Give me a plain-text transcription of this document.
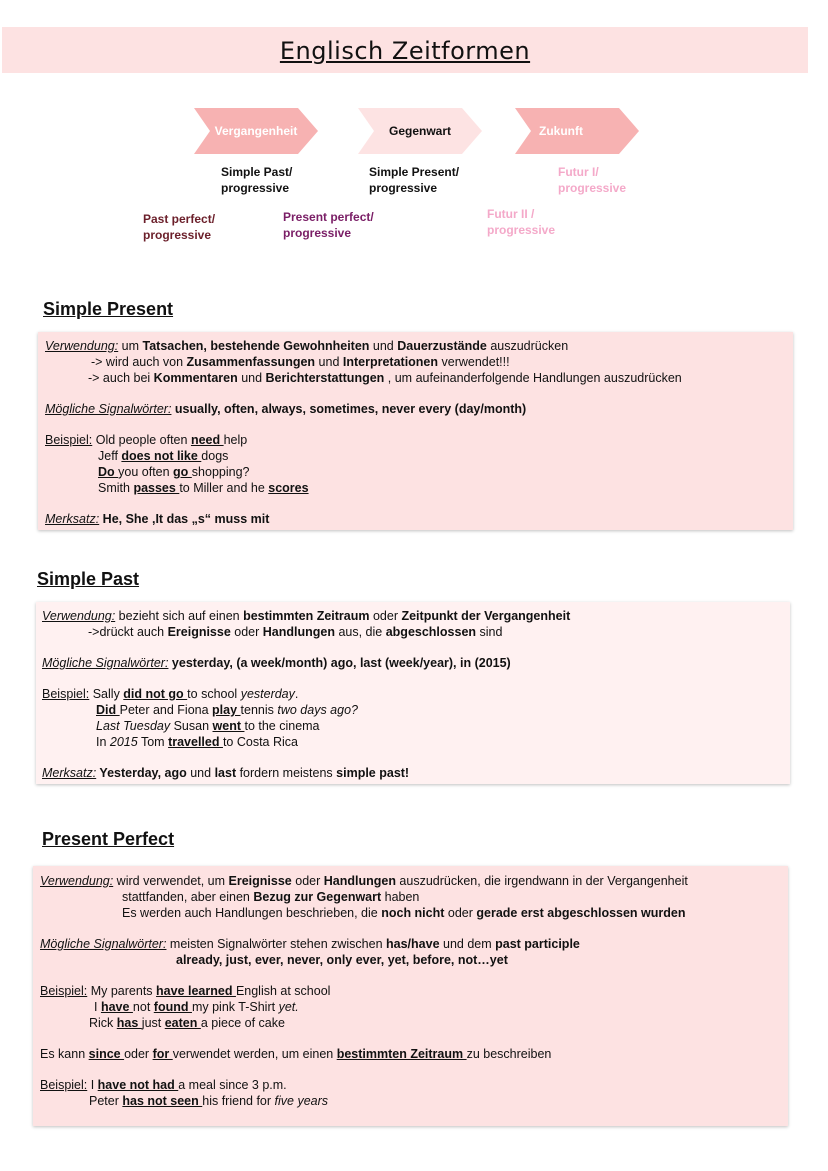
Englisch Zeitformen
Vergangenheit	Gegenwart	Zukunft
Simple Past/
progressive
Simple Present/
progressive
Futur I/
progressive
Past perfect/
progressive
Present perfect/
progressive
Futur II /
progressive
Simple Present
Verwendung: um Tatsachen, bestehende Gewohnheiten und Dauerzustände auszudrücken
-> wird auch von Zusammenfassungen und Interpretationen verwendet!!!
-> auch bei Kommentaren und Berichterstattungen , um aufeinanderfolgende Handlungen auszudrücken
Mögliche Signalwörter: usually, often, always, sometimes, never every (day/month)
Beispiel: Old people often need help
Jeff does not like dogs
Do you often go shopping?
Smith passes to Miller and he scores
Merksatz: He, She ,It das „s“ muss mit
Simple Past
Verwendung: bezieht sich auf einen bestimmten Zeitraum oder Zeitpunkt der Vergangenheit
->drückt auch Ereignisse oder Handlungen aus, die abgeschlossen sind
Mögliche Signalwörter: yesterday, (a week/month) ago, last (week/year), in (2015)
Beispiel: Sally did not go to school yesterday.
Did Peter and Fiona play tennis two days ago?
Last Tuesday Susan went to the cinema
In 2015 Tom travelled to Costa Rica
Merksatz: Yesterday, ago und last fordern meistens simple past!
Present Perfect
Verwendung: wird verwendet, um Ereignisse oder Handlungen auszudrücken, die irgendwann in der Vergangenheit
stattfanden, aber einen Bezug zur Gegenwart haben
Es werden auch Handlungen beschrieben, die noch nicht oder gerade erst abgeschlossen wurden
Mögliche Signalwörter: meisten Signalwörter stehen zwischen has/have und dem past participle
already, just, ever, never, only ever, yet, before, not…yet
Beispiel: My parents have learned English at school
I have not found my pink T-Shirt yet.
Rick has just eaten a piece of cake
Es kann since oder for verwendet werden, um einen bestimmten Zeitraum zu beschreiben
Beispiel: I have not had a meal since 3 p.m.
Peter has not seen his friend for five years
